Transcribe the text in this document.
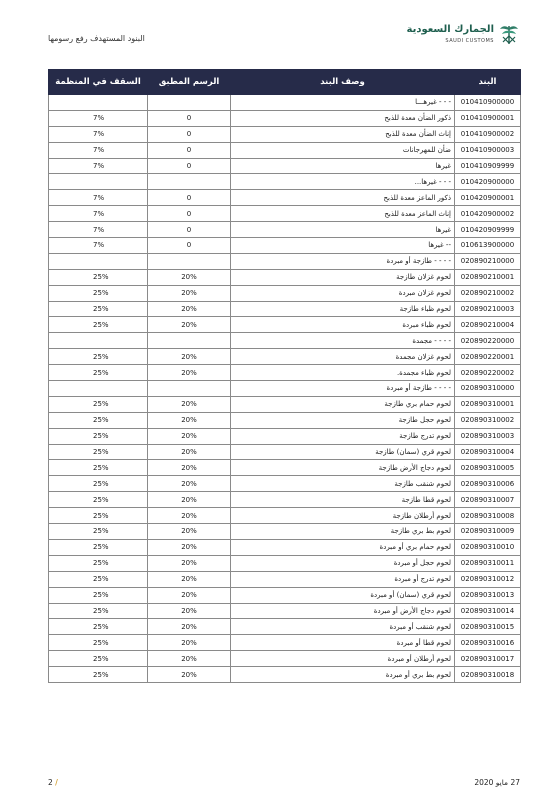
البنود المستهدف رفع رسومها
الجمارك السعودية
SAUDI CUSTOMS
البند	وصف البند	الرسم المطبق	السقف في المنظمة
010410900000	- - - غيرهـــا		
010410900001	ذكور الضأن معدة للذبح	0	7%
010410900002	إناث الضأن معدة للذبح	0	7%
010410900003	ضأن للمهرجانات	0	7%
010410909999	غيرها	0	7%
010420900000	- - - غيرها...		
010420900001	ذكور الماعز معدة للذبح	0	7%
010420900002	إناث الماعز معدة للذبح	0	7%
010420909999	غيرها	0	7%
010613900000	-- غيرها	0	7%
020890210000	- - - - طازجة أو مبردة		
020890210001	لحوم غزلان طازجة	20%	25%
020890210002	لحوم غزلان مبردة	20%	25%
020890210003	لحوم ظباء طازجة	20%	25%
020890210004	لحوم ظباء مبردة	20%	25%
020890220000	- - - - مجمدة		
020890220001	لحوم غزلان مجمدة	20%	25%
020890220002	لحوم ظباء مجمدة.	20%	25%
020890310000	- - - - طازجة أو مبردة		
020890310001	لحوم حمام بري طازجة	20%	25%
020890310002	لحوم حجل طازجة	20%	25%
020890310003	لحوم تدرج طازجة	20%	25%
020890310004	لحوم قري (سمان) طازجة	20%	25%
020890310005	لحوم دجاج الأرض طازجة	20%	25%
020890310006	لحوم شنقب طازجة	20%	25%
020890310007	لحوم قطا طازجة	20%	25%
020890310008	لحوم أرطلان طازجة	20%	25%
020890310009	لحوم بط بري طازجة	20%	25%
020890310010	لحوم حمام بري أو مبردة	20%	25%
020890310011	لحوم حجل أو مبردة	20%	25%
020890310012	لحوم تدرج أو مبردة	20%	25%
020890310013	لحوم قري (سمان) أو مبردة	20%	25%
020890310014	لحوم دجاج الأرض أو مبردة	20%	25%
020890310015	لحوم شنقب أو مبردة	20%	25%
020890310016	لحوم قطا أو مبردة	20%	25%
020890310017	لحوم أرطلان أو مبردة	20%	25%
020890310018	لحوم بط بري أو مبردة	20%	25%
27 مايو 2020
2 /
